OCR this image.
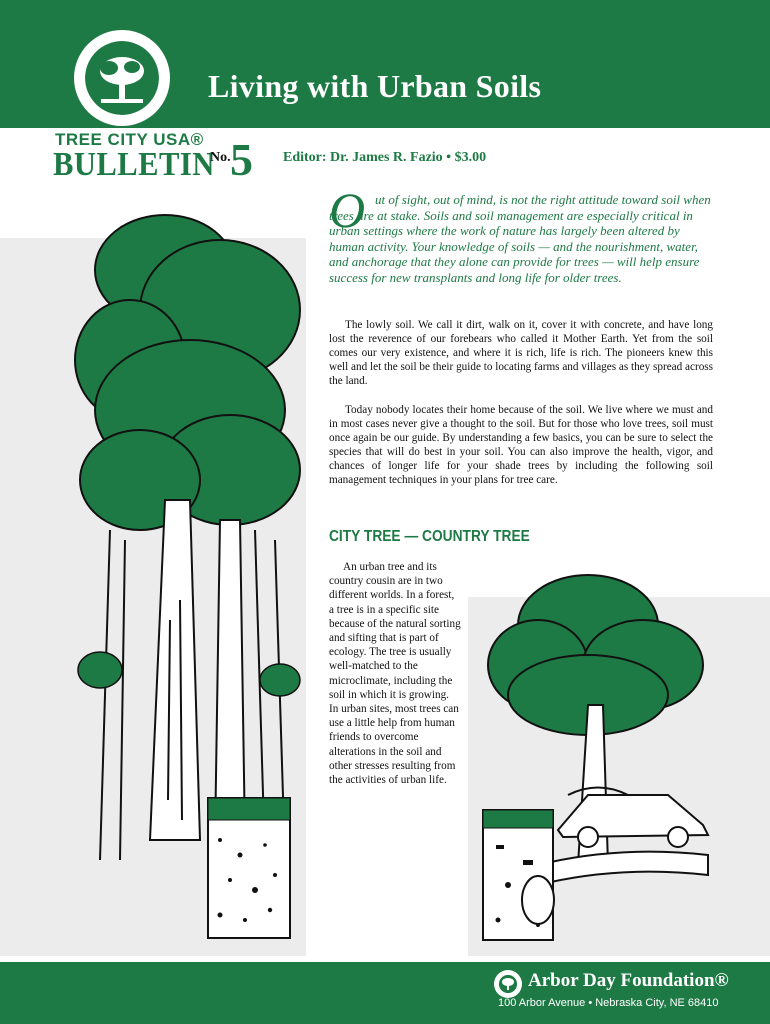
Living with Urban Soils
TREE CITY USA®
BULLETIN
No. 5 Editor: Dr. James R. Fazio • $3.00
O ut of sight, out of mind, is not the right attitude toward soil when trees are at stake. Soils and soil management are especially critical in urban settings where the work of nature has largely been altered by human activity. Your knowledge of soils — and the nourishment, water, and anchorage that they alone can provide for trees — will help ensure success for new transplants and long life for older trees.
The lowly soil. We call it dirt, walk on it, cover it with concrete, and have long lost the reverence of our forebears who called it Mother Earth. Yet from the soil comes our very existence, and where it is rich, life is rich. The pioneers knew this well and let the soil be their guide to locating farms and villages as they spread across the land.
Today nobody locates their home because of the soil. We live where we must and in most cases never give a thought to the soil. But for those who love trees, soil must once again be our guide. By understanding a few basics, you can be sure to select the species that will do best in your soil. You can also improve the health, vigor, and chances of longer life for your shade trees by including the following soil management techniques in your plans for tree care.
CITY TREE — COUNTRY TREE
An urban tree and its country cousin are in two different worlds. In a forest, a tree is in a specific site because of the natural sorting and sifting that is part of ecology. The tree is usually well-matched to the microclimate, including the soil in which it is growing.
In urban sites, most trees can use a little help from human friends to overcome alterations in the soil and other stresses resulting from the activities of urban life.
Arbor Day Foundation®
100 Arbor Avenue • Nebraska City, NE 68410
